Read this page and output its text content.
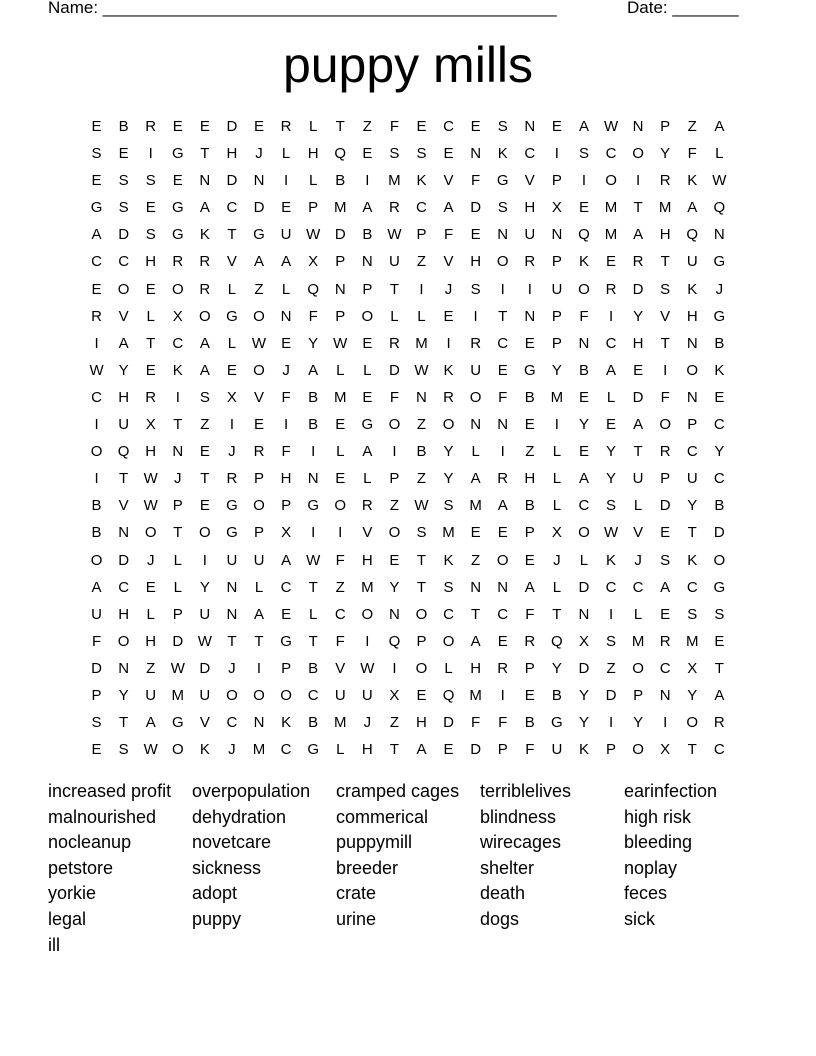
Name: ________________________________________________	Date: _______
puppy mills
E	B	R	E	E	D	E	R	L	T	Z	F	E	C	E	S	N	E	A W N	P	Z	A
S	E	I	G	T	H	J	L	H	Q	E	S	S	E	N	K	C	I	S	C	O	Y	F	L
E	S	S	E	N	D	N	I	L	B	I	M	K	V	F	G	V	P	I	O	I	R	K W
G	S	E	G	A	C	D	E	P	M	A	R	C	A	D	S	H	X	E	M	T	M	A	Q
A	D	S	G	K	T	G	U W D	B W P	F	E	N	U	N	Q M	A	H	Q	N
C	C	H	R	R	V	A	A	X	P	N	U	Z	V	H	O	R	P	K	E	R	T	U	G
E	O	E	O	R	L	Z	L	Q	N	P	T	I	J	S	I	I	U	O	R	D	S	K	J
R	V	L	X	O	G	O	N	F	P	O	L	L	E	I	T	N	P	F	I	Y	V	H	G
I	A	T	C	A	L	W E	Y W E	R	M	I	R	C	E	P	N	C	H	T	N	B
W Y	E	K	A	E	O	J	A	L	L	D W K	U	E	G	Y	B	A	E	I	O	K
C	H	R	I	S	X	V	F	B	M	E	F	N	R	O	F	B	M	E	L	D	F	N	E
I	U	X	T	Z	I	E	I	B	E	G	O	Z	O	N	N	E	I	Y	E	A	O	P	C
O	Q	H	N	E	J	R	F	I	L	A	I	B	Y	L	I	Z	L	E	Y	T	R	C	Y
I	T	W	J	T	R	P	H	N	E	L	P	Z	Y	A	R	H	L	A	Y	U	P	U	C
B	V W P	E	G	O	P	G	O	R	Z	W S	M	A	B	L	C	S	L	D	Y	B
B	N	O	T	O	G	P	X	I	I	V	O	S	M	E	E	P	X	O W V	E	T	D
O	D	J	L	I	U	U	A W	F	H	E	T	K	Z	O	E	J	L	K	J	S	K	O
A	C	E	L	Y	N	L	C	T	Z	M	Y	T	S	N	N	A	L	D	C	C	A	C	G
U	H	L	P	U	N	A	E	L	C	O	N	O	C	T	C	F	T	N	I	L	E	S	S
F	O	H	D W	T	T	G	T	F	I	Q	P	O	A	E	R	Q	X	S	M	R	M	E
D	N	Z	W D	J	I	P	B	V W	I	O	L	H	R	P	Y	D	Z	O	C	X	T
P	Y	U	M	U	O	O	O	C	U	U	X	E	Q M	I	E	B	Y	D	P	N	Y	A
S	T	A	G	V	C	N	K	B	M	J	Z	H	D	F	F	B	G	Y	I	Y	I	O	R
E	S W O	K	J	M	C	G	L	H	T	A	E	D	P	F	U	K	P	O	X	T	C
increased profit	overpopulation	cramped cages	terriblelives	earinfection
malnourished	dehydration	commerical	blindness	high risk
nocleanup	novetcare	puppymill	wirecages	bleeding
petstore	sickness	breeder	shelter	noplay
yorkie	adopt	crate	death	feces
legal	puppy	urine	dogs	sick
ill
